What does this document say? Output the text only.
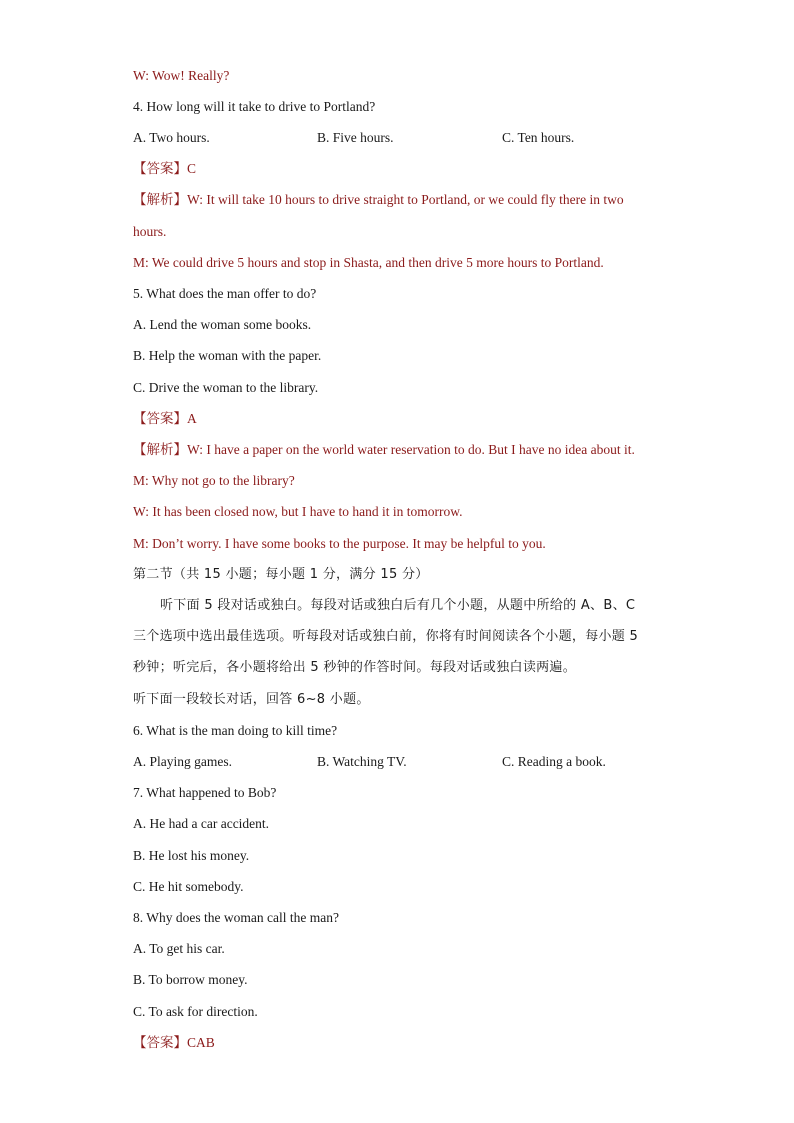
W: Wow! Really?
4. How long will it take to drive to Portland?
A. Two hours.	B. Five hours.	C. Ten hours.
【答案】C
【解析】W: It will take 10 hours to drive straight to Portland, or we could fly there in two
hours.
M: We could drive 5 hours and stop in Shasta, and then drive 5 more hours to Portland.
5. What does the man offer to do?
A. Lend the woman some books.
B. Help the woman with the paper.
C. Drive the woman to the library.
【答案】A
【解析】W: I have a paper on the world water reservation to do. But I have no idea about it.
M: Why not go to the library?
W: It has been closed now, but I have to hand it in tomorrow.
M: Don’t worry. I have some books to the purpose. It may be helpful to you.
第二节（共 15 小题；每小题 1 分，满分 15 分）
听下面 5 段对话或独白。每段对话或独白后有几个小题，从题中所给的 A、B、C
三个选项中选出最佳选项。听每段对话或独白前，你将有时间阅读各个小题，每小题 5
秒钟；听完后，各小题将给出 5 秒钟的作答时间。每段对话或独白读两遍。
听下面一段较长对话，回答 6~8 小题。
6. What is the man doing to kill time?
A. Playing games.	B. Watching TV.	C. Reading a book.
7. What happened to Bob?
A. He had a car accident.
B. He lost his money.
C. He hit somebody.
8. Why does the woman call the man?
A. To get his car.
B. To borrow money.
C. To ask for direction.
【答案】CAB
